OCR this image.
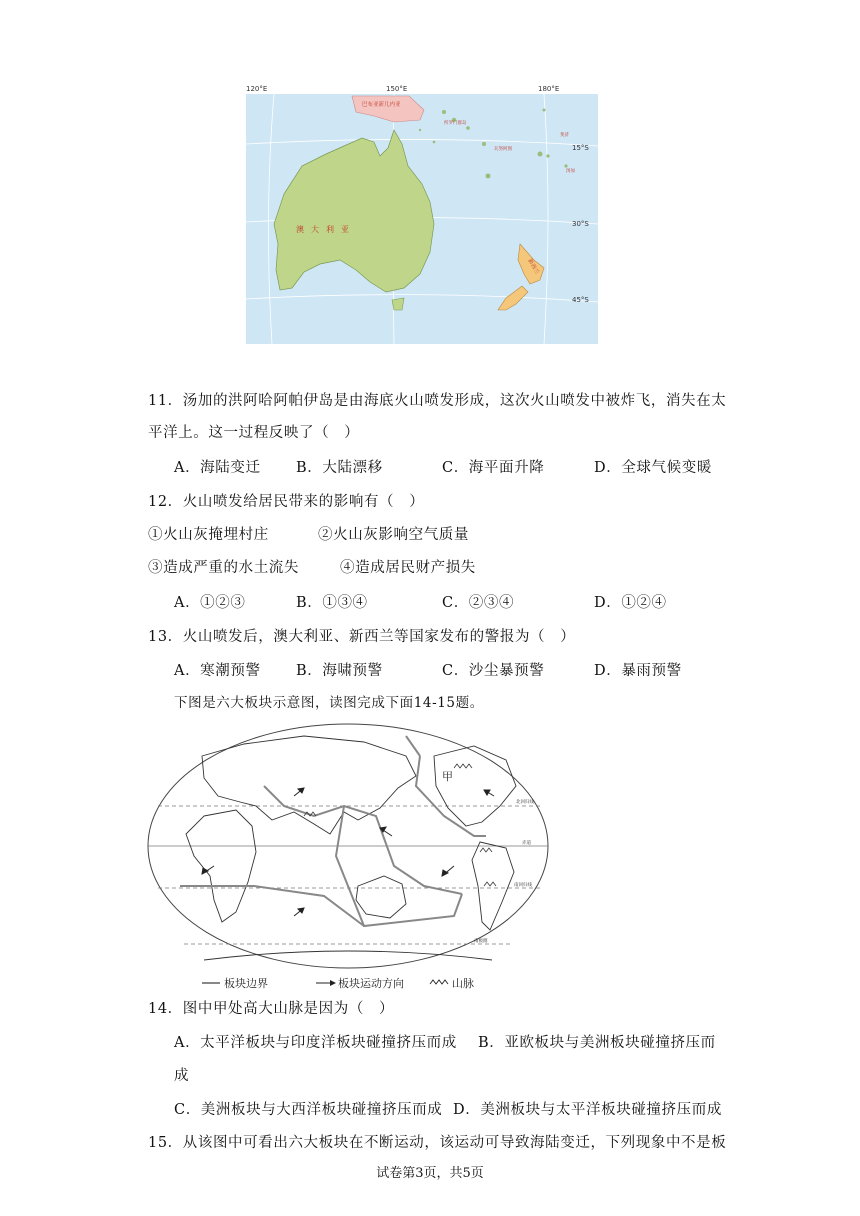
120°E	150°E	180°E
15°S
30°S
45°S
澳大利亚
巴布亚新几内亚
新西兰
所罗门群岛
瓦努阿图
斐济
汤加
11．汤加的洪阿哈阿帕伊岛是由海底火山喷发形成，这次火山喷发中被炸飞，消失在太
平洋上。这一过程反映了（　）
A．海陆变迁 B．大陆漂移	C．海平面升降	D．全球气候变暖
12．火山喷发给居民带来的影响有（　）
①火山灰掩埋村庄	②火山灰影响空气质量
③造成严重的水土流失	④造成居民财产损失
A．①②③	B．①③④	C．②③④	D．①②④
13．火山喷发后，澳大利亚、新西兰等国家发布的警报为（　）
A．寒潮预警 B．海啸预警	C．沙尘暴预警	D．暴雨预警
下图是六大板块示意图，读图完成下面14-15题。
甲
北回归线
赤道
南回归线
南极圈
板块边界	板块运动方向	山脉
14．图中甲处高大山脉是因为（　）
A．太平洋板块与印度洋板块碰撞挤压而成 B．亚欧板块与美洲板块碰撞挤压而
成
C．美洲板块与大西洋板块碰撞挤压而成 D．美洲板块与太平洋板块碰撞挤压而成
15．从该图中可看出六大板块在不断运动，该运动可导致海陆变迁，下列现象中不是板
试卷第3页，共5页
